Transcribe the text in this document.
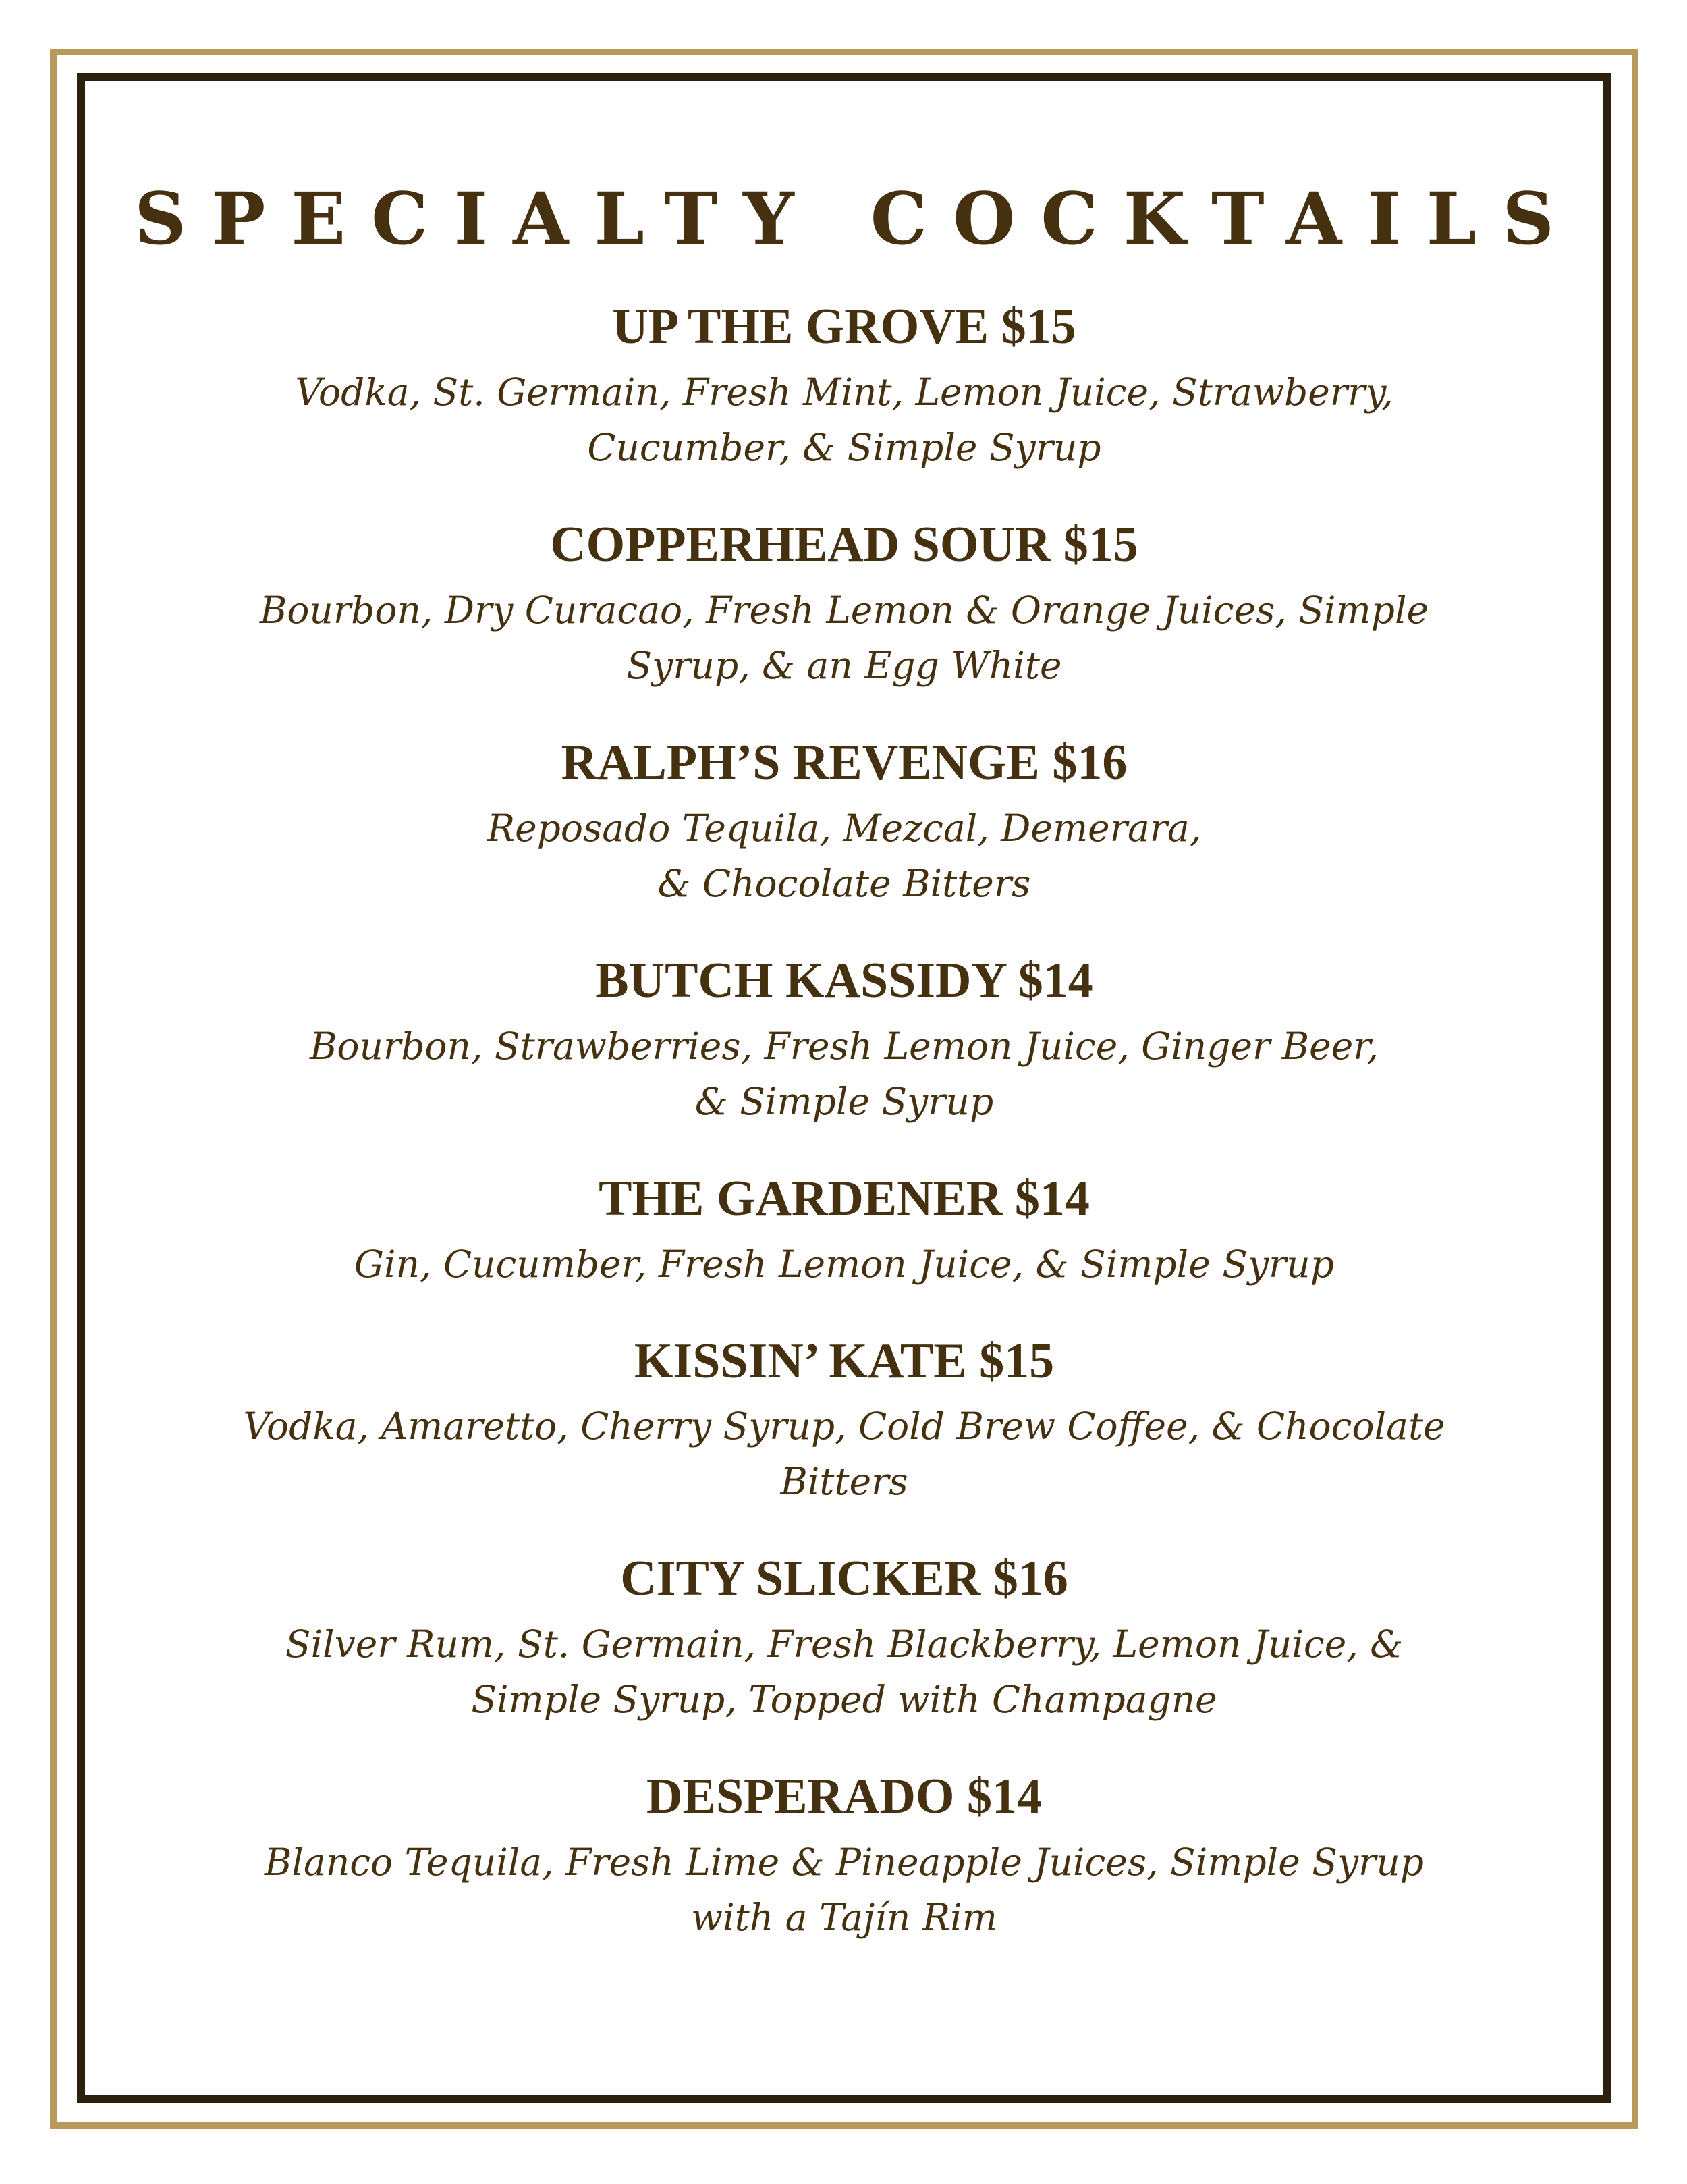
SPECIALTY COCKTAILS
UP THE GROVE $15
Vodka, St. Germain, Fresh Mint, Lemon Juice, Strawberry,
Cucumber, & Simple Syrup
COPPERHEAD SOUR $15
Bourbon, Dry Curacao, Fresh Lemon & Orange Juices, Simple
Syrup, & an Egg White
RALPH’S REVENGE $16
Reposado Tequila, Mezcal, Demerara,
& Chocolate Bitters
BUTCH KASSIDY $14
Bourbon, Strawberries, Fresh Lemon Juice, Ginger Beer,
& Simple Syrup
THE GARDENER $14
Gin, Cucumber, Fresh Lemon Juice, & Simple Syrup
KISSIN’ KATE $15
Vodka, Amaretto, Cherry Syrup, Cold Brew Coffee, & Chocolate
Bitters
CITY SLICKER $16
Silver Rum, St. Germain, Fresh Blackberry, Lemon Juice, &
Simple Syrup, Topped with Champagne
DESPERADO $14
Blanco Tequila, Fresh Lime & Pineapple Juices, Simple Syrup
with a Tajín Rim
